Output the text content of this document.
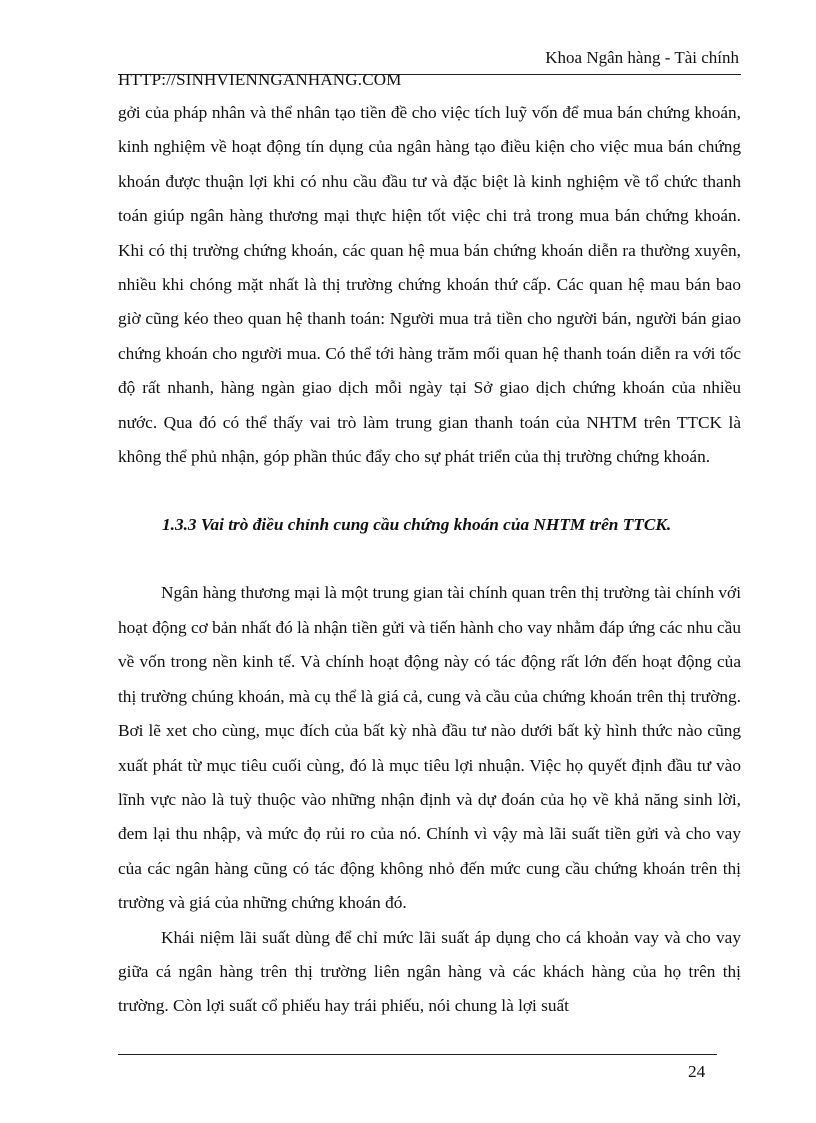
Khoa Ngân hàng - Tài chính
HTTP://SINHVIENNGANHANG.COM

gởi của pháp nhân và thể nhân tạo tiền đề cho việc tích luỹ vốn để mua bán chứng khoán, kinh nghiệm về hoạt động tín dụng của ngân hàng tạo điều kiện cho việc mua bán chứng khoán được thuận lợi khi có nhu cầu đầu tư và đặc biệt là kinh nghiệm về tổ chức thanh toán giúp ngân hàng thương mại thực hiện tốt việc chi trả trong mua bán chứng khoán. Khi có thị trường chứng khoán, các quan hệ mua bán chứng khoán diễn ra thường xuyên, nhiều khi chóng mặt nhất là thị trường chứng khoán thứ cấp. Các quan hệ mau bán bao giờ cũng kéo theo quan hệ thanh toán: Người mua trả tiền cho người bán, người bán giao chứng khoán cho người mua. Có thể tới hàng trăm mối quan hệ thanh toán diễn ra với tốc độ rất nhanh, hàng ngàn giao dịch mỗi ngày tại Sở giao dịch chứng khoán của nhiều nước. Qua đó có thể thấy vai trò làm trung gian thanh toán của NHTM trên TTCK là không thể phủ nhận, góp phần thúc đẩy cho sự phát triển của thị trường chứng khoán.

1.3.3 Vai trò điều chỉnh cung cầu chứng khoán của NHTM trên TTCK.

Ngân hàng thương mại là một trung gian tài chính quan trên thị trường tài chính với hoạt động cơ bản nhất đó là nhận tiền gửi và tiến hành cho vay nhằm đáp ứng các nhu cầu về vốn trong nền kinh tế. Và chính hoạt động này có tác động rất lớn đến hoạt động của thị trường chúng khoán, mà cụ thể là giá cả, cung và cầu của chứng khoán trên thị trường. Bơi lẽ xet cho cùng, mục đích của bất kỳ nhà đầu tư nào dưới bất kỳ hình thức nào cũng xuất phát từ mục tiêu cuối cùng, đó là mục tiêu lợi nhuận. Việc họ quyết định đầu tư vào lĩnh vực nào là tuỳ thuộc vào những nhận định và dự đoán của họ về khả năng sinh lời, đem lại thu nhập, và mức đọ rủi ro của nó. Chính vì vậy mà lãi suất tiền gửi và cho vay của các ngân hàng cũng có tác động không nhỏ đến mức cung cầu chứng khoán trên thị trường và giá của những chứng khoán đó.

Khái niệm lãi suất dùng để chỉ mức lãi suất áp dụng cho cá khoản vay và cho vay giữa cá ngân hàng trên thị trường liên ngân hàng và các khách hàng của họ trên thị trường. Còn lợi suất cổ phiếu hay trái phiếu, nói chung là lợi suất

24
